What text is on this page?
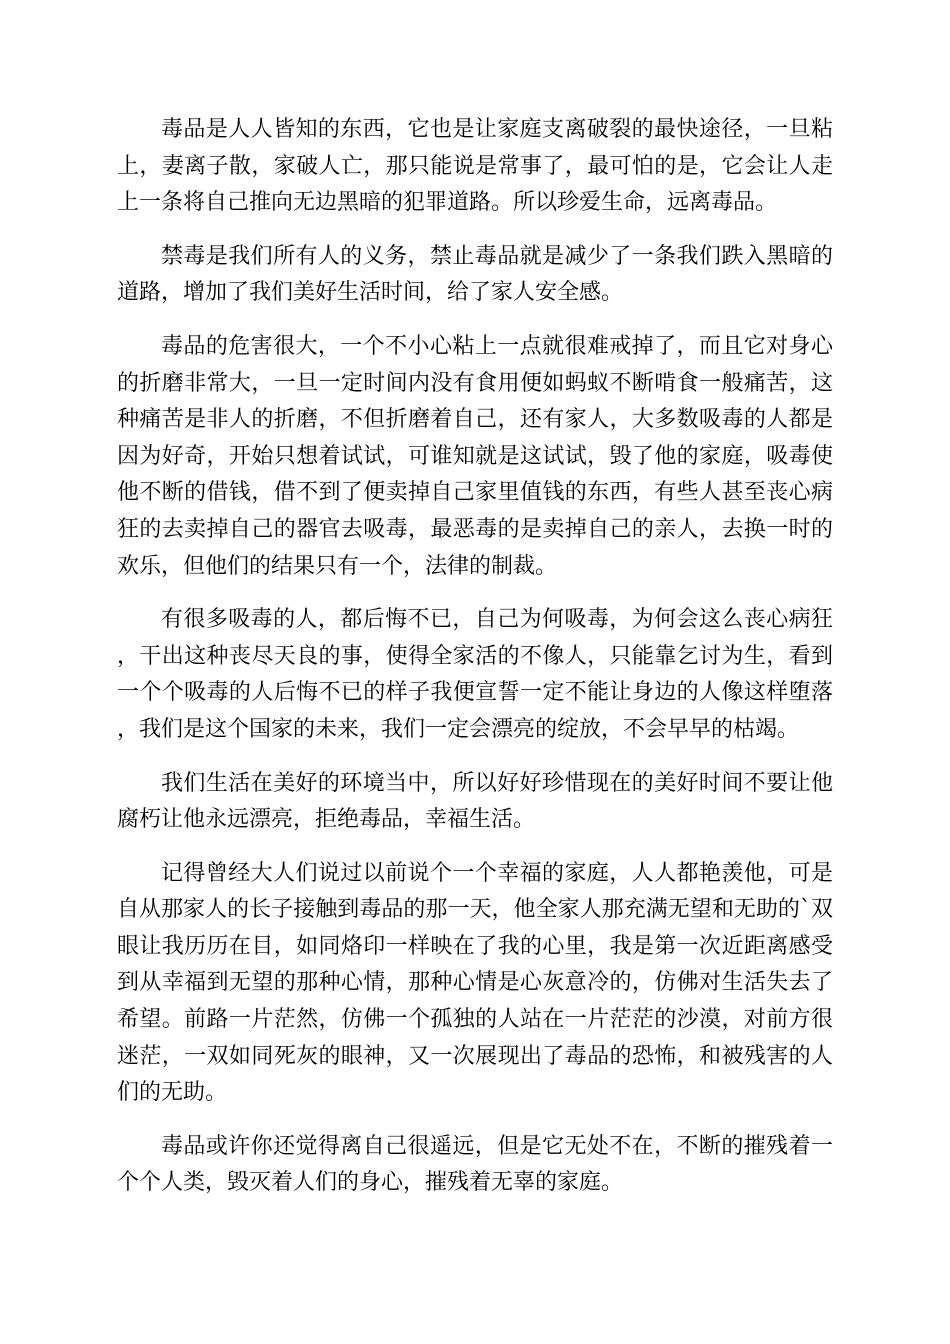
毒品是人人皆知的东西，它也是让家庭支离破裂的最快途径，一旦粘上，妻离子散，家破人亡，那只能说是常事了，最可怕的是，它会让人走上一条将自己推向无边黑暗的犯罪道路。所以珍爱生命，远离毒品。

禁毒是我们所有人的义务，禁止毒品就是减少了一条我们跌入黑暗的道路，增加了我们美好生活时间，给了家人安全感。

毒品的危害很大，一个不小心粘上一点就很难戒掉了，而且它对身心的折磨非常大，一旦一定时间内没有食用便如蚂蚁不断啃食一般痛苦，这种痛苦是非人的折磨，不但折磨着自己，还有家人，大多数吸毒的人都是因为好奇，开始只想着试试，可谁知就是这试试，毁了他的家庭，吸毒使他不断的借钱，借不到了便卖掉自己家里值钱的东西，有些人甚至丧心病狂的去卖掉自己的器官去吸毒，最恶毒的是卖掉自己的亲人，去换一时的欢乐，但他们的结果只有一个，法律的制裁。

有很多吸毒的人，都后悔不已，自己为何吸毒，为何会这么丧心病狂，干出这种丧尽天良的事，使得全家活的不像人，只能靠乞讨为生，看到一个个吸毒的人后悔不已的样子我便宣誓一定不能让身边的人像这样堕落，我们是这个国家的未来，我们一定会漂亮的绽放，不会早早的枯竭。

我们生活在美好的环境当中，所以好好珍惜现在的美好时间不要让他腐朽让他永远漂亮，拒绝毒品，幸福生活。

记得曾经大人们说过以前说个一个幸福的家庭，人人都艳羡他，可是自从那家人的长子接触到毒品的那一天，他全家人那充满无望和无助的`双眼让我历历在目，如同烙印一样映在了我的心里，我是第一次近距离感受到从幸福到无望的那种心情，那种心情是心灰意冷的，仿佛对生活失去了希望。前路一片茫然，仿佛一个孤独的人站在一片茫茫的沙漠，对前方很迷茫，一双如同死灰的眼神，又一次展现出了毒品的恐怖，和被残害的人们的无助。

毒品或许你还觉得离自己很遥远，但是它无处不在，不断的摧残着一个个人类，毁灭着人们的身心，摧残着无辜的家庭。
